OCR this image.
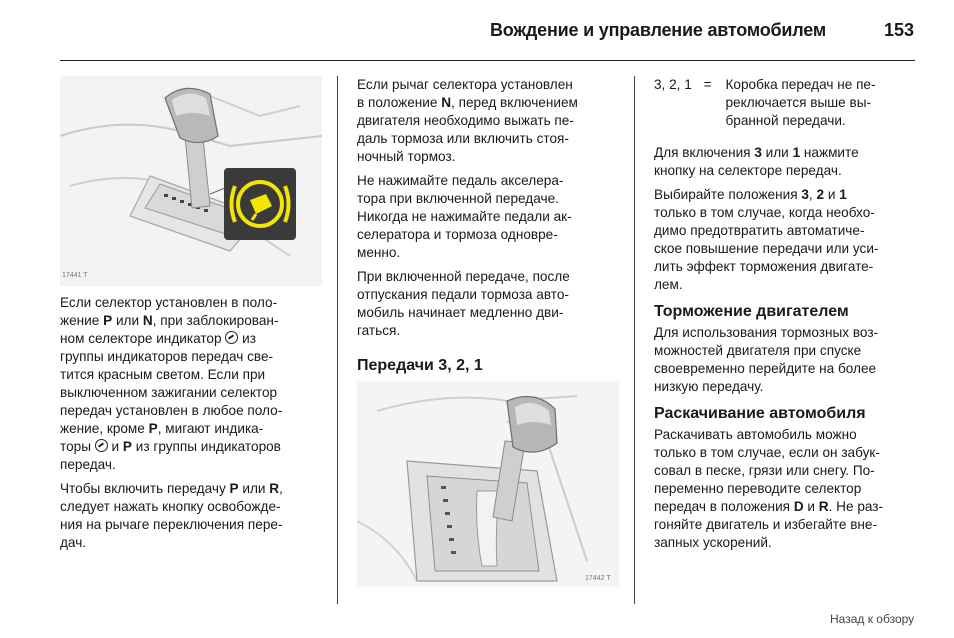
Вождение и управление автомобилем	153
17441 T

Если селектор установлен в поло-
жение P или N, при заблокирован-
ном селекторе индикатор  из
группы индикаторов передач све-
тится красным светом. Если при
выключенном зажигании селектор
передач установлен в любое поло-
жение, кроме P, мигают индика-
торы  и P из группы индикаторов
передач.

Чтобы включить передачу P или R,
следует нажать кнопку освобожде-
ния на рычаге переключения пере-
дач.

Если рычаг селектора установлен
в положение N, перед включением
двигателя необходимо выжать пе-
даль тормоза или включить стоя-
ночный тормоз.

Не нажимайте педаль акселера-
тора при включенной передаче.
Никогда не нажимайте педали ак-
селератора и тормоза одновре-
менно.

При включенной передаче, после
отпускания педали тормоза авто-
мобиль начинает медленно дви-
гаться.

Передачи 3, 2, 1
17442 T
3, 2, 1 =	Коробка передач не пе-
реключается выше вы-
бранной передачи.

Для включения 3 или 1 нажмите
кнопку на селекторе передач.

Выбирайте положения 3, 2 и 1
только в том случае, когда необхо-
димо предотвратить автоматиче-
ское повышение передачи или уси-
лить эффект торможения двигате-
лем.

Торможение двигателем

Для использования тормозных воз-
можностей двигателя при спуске
своевременно перейдите на более
низкую передачу.

Раскачивание автомобиля

Раскачивать автомобиль можно
только в том случае, если он забук-
совал в песке, грязи или снегу. По-
переменно переводите селектор
передач в положения D и R. Не раз-
гоняйте двигатель и избегайте вне-
запных ускорений.

Назад к обзору
